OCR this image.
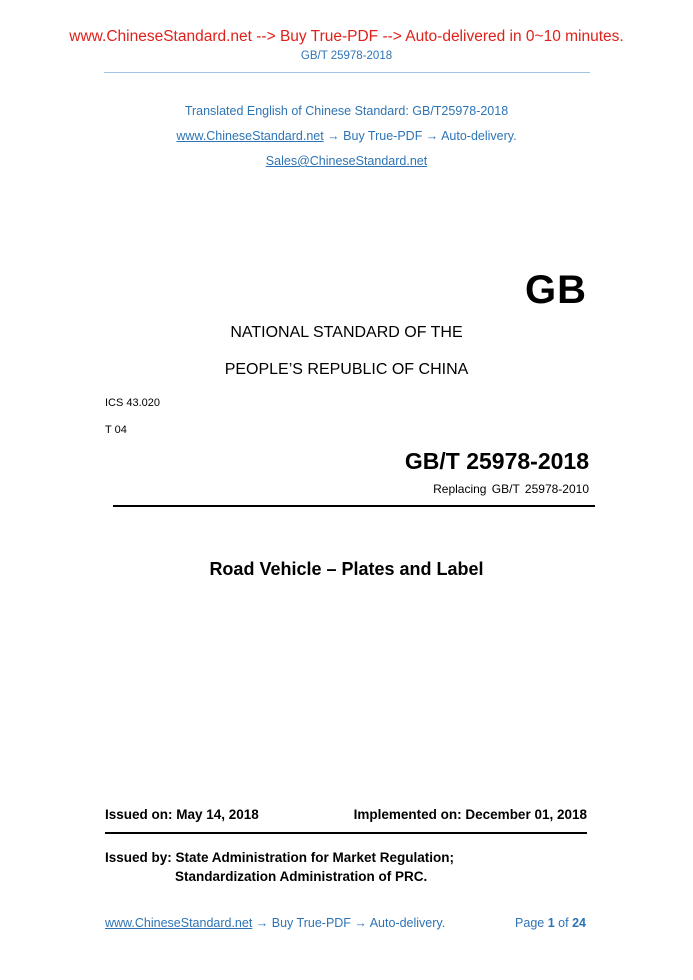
www.ChineseStandard.net --> Buy True-PDF --> Auto-delivered in 0~10 minutes.
GB/T 25978-2018
Translated English of Chinese Standard: GB/T25978-2018
www.ChineseStandard.net → Buy True-PDF → Auto-delivery.
Sales@ChineseStandard.net
GB
NATIONAL STANDARD OF THE
PEOPLE’S REPUBLIC OF CHINA
ICS 43.020
T 04
GB/T 25978-2018
Replacing GB/T 25978-2010
Road Vehicle – Plates and Label
Issued on: May 14, 2018	Implemented on: December 01, 2018
Issued by: State Administration for Market Regulation;
Standardization Administration of PRC.
www.ChineseStandard.net → Buy True-PDF → Auto-delivery.	Page 1 of 24
